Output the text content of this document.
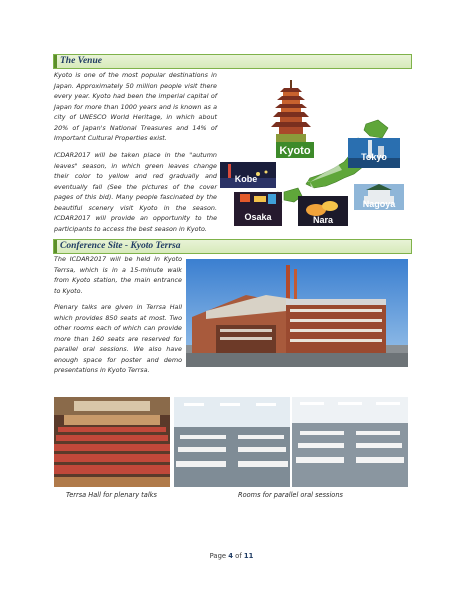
The Venue

Kyoto is one of the most popular destinations in Japan. Approximately 50 million people visit there every year. Kyoto had been the imperial capital of Japan for more than 1000 years and is known as a city of UNESCO World Heritage, in which about 20% of Japan's National Treasures and 14% of Important Cultural Properties exist.

ICDAR2017 will be taken place in the "autumn leaves" season, in which green leaves change their color to yellow and red gradually and eventually fall (See the pictures of the cover pages of this bid). Many people fascinated by the beautiful scenery visit Kyoto in the season. ICDAR2017 will provide an opportunity to the participants to access the best season in Kyoto.

Kyoto	Tokyo
Kobe
Nagoya
Osaka	Nara
Conference Site - Kyoto Terrsa

The ICDAR2017 will be held in Kyoto Terrsa, which is in a 15-minute walk from Kyoto station, the main entrance to Kyoto.

Plenary talks are given in Terrsa Hall which provides 850 seats at most. Two other rooms each of which can provide more than 160 seats are reserved for parallel oral sessions. We also have enough space for poster and demo presentations in Kyoto Terrsa.

Terrsa Hall for plenary talks	Rooms for parallel oral sessions
Page 4 of 11
